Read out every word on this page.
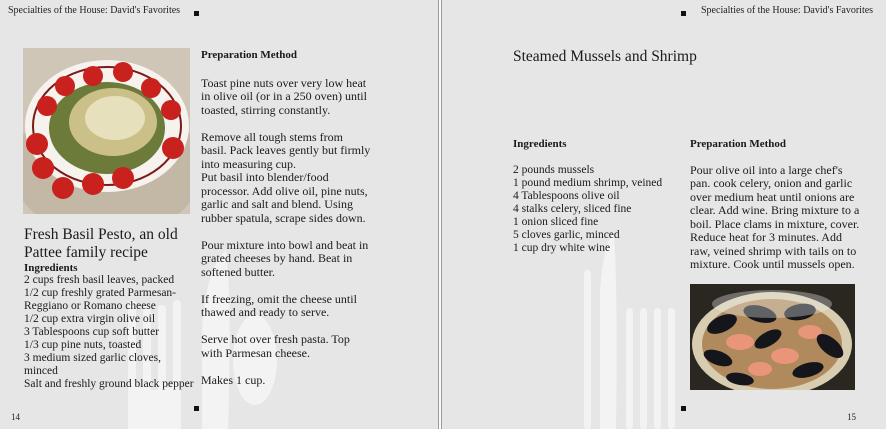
Specialties of the House: David's Favorites
14
Fresh Basil Pesto, an old Pattee family recipe
Ingredients
2 cups fresh basil leaves, packed
1/2 cup freshly grated Parmesan-
Reggiano or Romano cheese
1/2 cup extra virgin olive oil
3 Tablespoons cup soft butter
1/3 cup pine nuts, toasted
3 medium sized garlic cloves,
minced
Salt and freshly ground black pepper
Preparation Method

Toast pine nuts over very low heat in olive oil (or in a 250 oven) until toasted, stirring constantly.

Remove all tough stems from basil. Pack leaves gently but firmly into measuring cup.

Put basil into blender/food processor. Add olive oil, pine nuts, garlic and salt and blend. Using rubber spatula, scrape sides down.

Pour mixture into bowl and beat in grated cheeses by hand. Beat in softened butter.

If freezing, omit the cheese until thawed and ready to serve.

Serve hot over fresh pasta. Top with Parmesan cheese.

Makes 1 cup.

Specialties of the House: David's Favorites
15
Steamed Mussels and Shrimp
Ingredients
2 pounds mussels
1 pound medium shrimp, veined
4 Tablespoons olive oil
4 stalks celery, sliced fine
1 onion sliced fine
5 cloves garlic, minced
1 cup dry white wine
Preparation Method

Pour olive oil into a large chef's pan. cook celery, onion and garlic over medium heat until onions are clear. Add wine. Bring mixture to a boil. Place clams in mixture, cover. Reduce heat for 3 minutes. Add raw, veined shrimp with tails on to mixture. Cook until mussels open.
